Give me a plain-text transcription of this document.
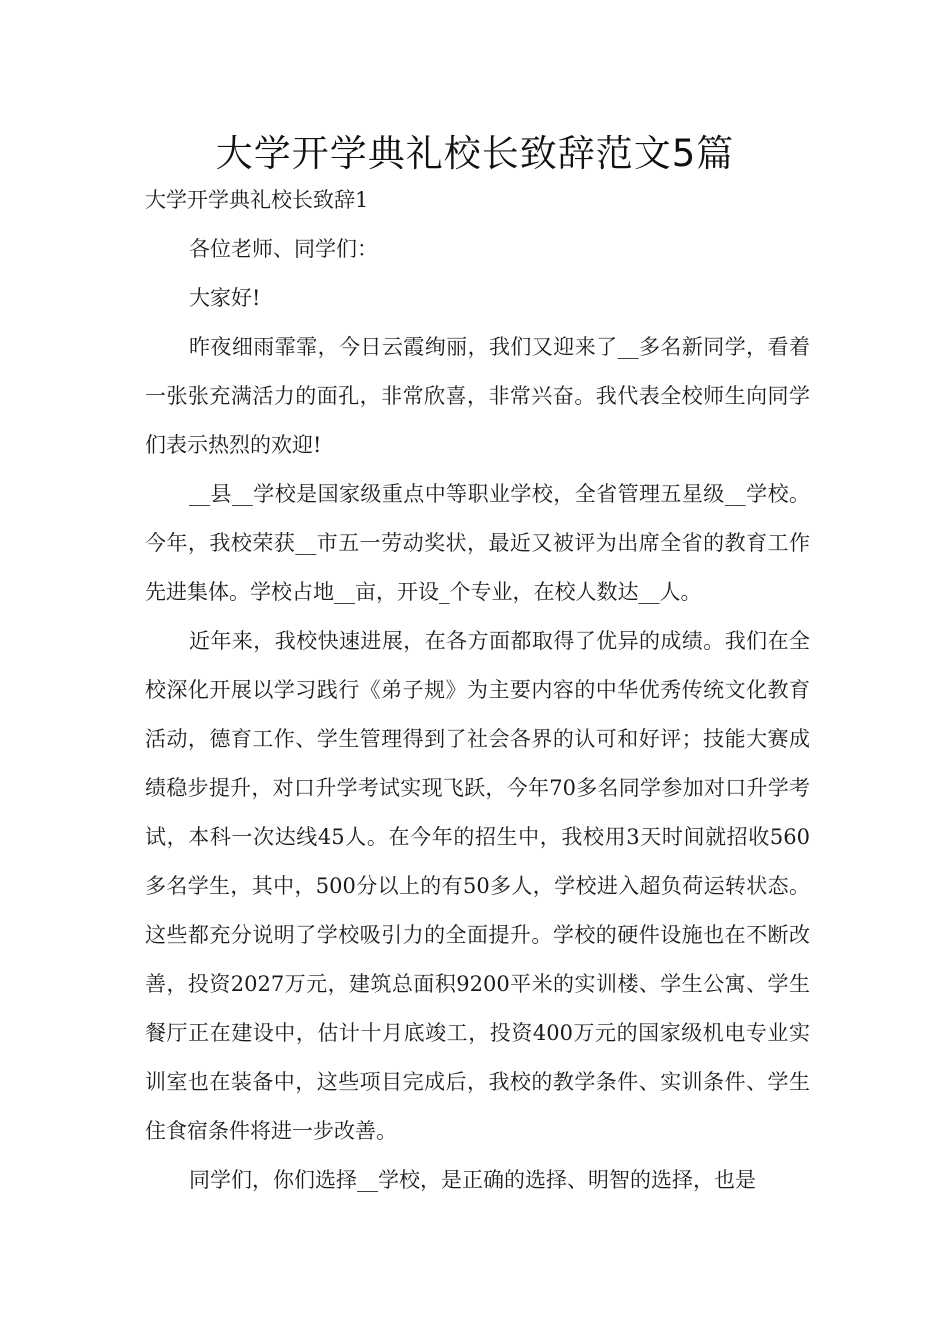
大学开学典礼校长致辞范文5篇

大学开学典礼校长致辞1

各位老师、同学们：

大家好!

昨夜细雨霏霏，今日云霞绚丽，我们又迎来了__多名新同学，看着一张张充满活力的面孔，非常欣喜，非常兴奋。我代表全校师生向同学们表示热烈的欢迎!

__县__学校是国家级重点中等职业学校，全省管理五星级__学校。今年，我校荣获__市五一劳动奖状，最近又被评为出席全省的教育工作先进集体。学校占地__亩，开设_个专业，在校人数达__人。

近年来，我校快速进展，在各方面都取得了优异的成绩。我们在全校深化开展以学习践行《弟子规》为主要内容的中华优秀传统文化教育活动，德育工作、学生管理得到了社会各界的认可和好评；技能大赛成绩稳步提升，对口升学考试实现飞跃，今年70多名同学参加对口升学考试，本科一次达线45人。在今年的招生中，我校用3天时间就招收560多名学生，其中，500分以上的有50多人，学校进入超负荷运转状态。这些都充分说明了学校吸引力的全面提升。学校的硬件设施也在不断改善，投资2027万元，建筑总面积9200平米的实训楼、学生公寓、学生餐厅正在建设中，估计十月底竣工，投资400万元的国家级机电专业实训室也在装备中，这些项目完成后，我校的教学条件、实训条件、学生住食宿条件将进一步改善。

同学们，你们选择__学校，是正确的选择、明智的选择，也是
